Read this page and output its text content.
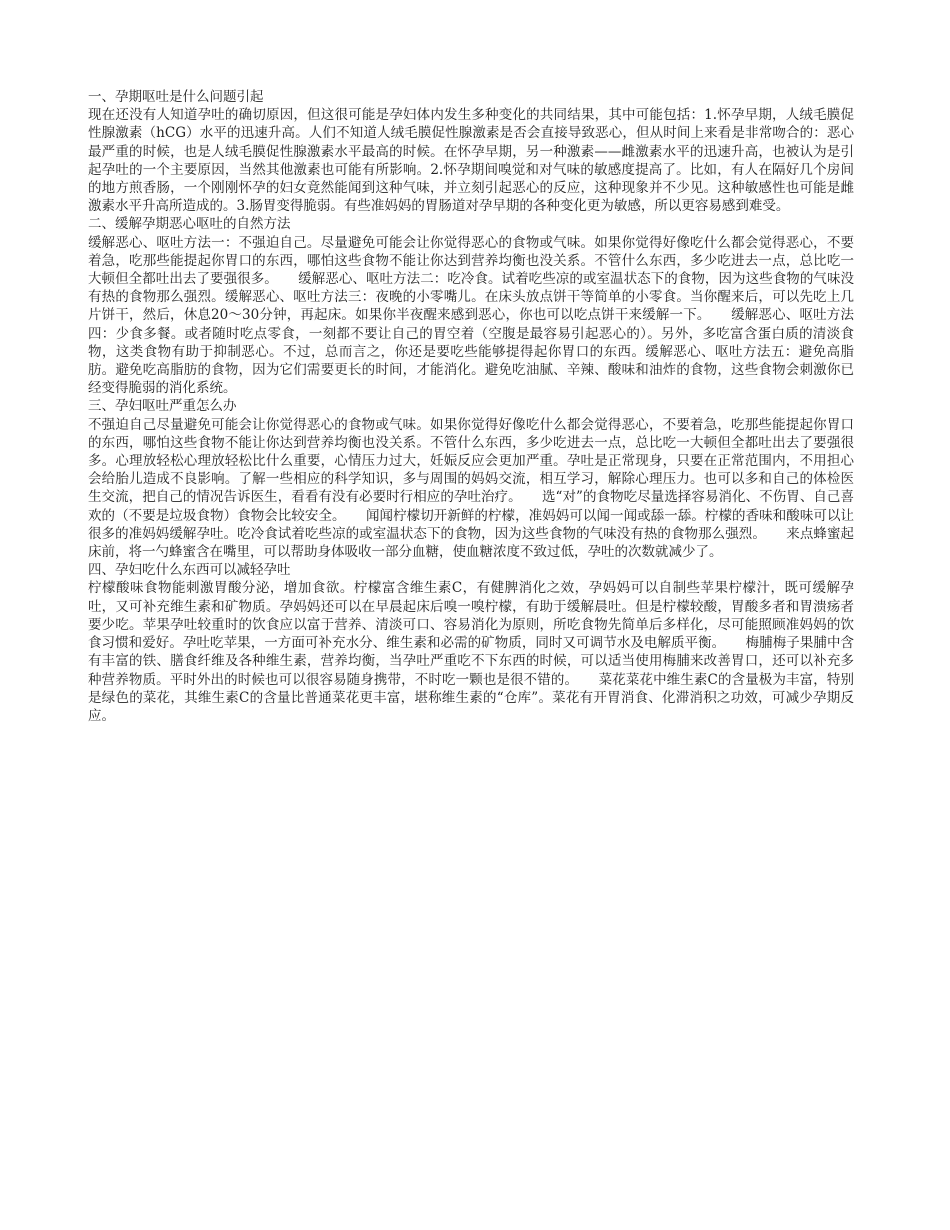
一、孕期呕吐是什么问题引起

现在还没有人知道孕吐的确切原因，但这很可能是孕妇体内发生多种变化的共同结果，其中可能包括：1.怀孕早期，人绒毛膜促性腺激素（hCG）水平的迅速升高。人们不知道人绒毛膜促性腺激素是否会直接导致恶心，但从时间上来看是非常吻合的：恶心最严重的时候，也是人绒毛膜促性腺激素水平最高的时候。在怀孕早期，另一种激素——雌激素水平的迅速升高，也被认为是引起孕吐的一个主要原因，当然其他激素也可能有所影响。2.怀孕期间嗅觉和对气味的敏感度提高了。比如，有人在隔好几个房间的地方煎香肠，一个刚刚怀孕的妇女竟然能闻到这种气味，并立刻引起恶心的反应，这种现象并不少见。这种敏感性也可能是雌激素水平升高所造成的。3.肠胃变得脆弱。有些准妈妈的胃肠道对孕早期的各种变化更为敏感，所以更容易感到难受。

二、缓解孕期恶心呕吐的自然方法

缓解恶心、呕吐方法一：不强迫自己。尽量避免可能会让你觉得恶心的食物或气味。如果你觉得好像吃什么都会觉得恶心，不要着急，吃那些能提起你胃口的东西，哪怕这些食物不能让你达到营养均衡也没关系。不管什么东西，多少吃进去一点，总比吃一大顿但全都吐出去了要强很多。　　缓解恶心、呕吐方法二：吃冷食。试着吃些凉的或室温状态下的食物，因为这些食物的气味没有热的食物那么强烈。缓解恶心、呕吐方法三：夜晚的小零嘴儿。在床头放点饼干等简单的小零食。当你醒来后，可以先吃上几片饼干，然后，休息20～30分钟，再起床。如果你半夜醒来感到恶心，你也可以吃点饼干来缓解一下。　　缓解恶心、呕吐方法四：少食多餐。或者随时吃点零食，一刻都不要让自己的胃空着（空腹是最容易引起恶心的）。另外，多吃富含蛋白质的清淡食物，这类食物有助于抑制恶心。不过，总而言之，你还是要吃些能够提得起你胃口的东西。缓解恶心、呕吐方法五：避免高脂肪。避免吃高脂肪的食物，因为它们需要更长的时间，才能消化。避免吃油腻、辛辣、酸味和油炸的食物，这些食物会刺激你已经变得脆弱的消化系统。

三、孕妇呕吐严重怎么办

不强迫自己尽量避免可能会让你觉得恶心的食物或气味。如果你觉得好像吃什么都会觉得恶心，不要着急，吃那些能提起你胃口的东西，哪怕这些食物不能让你达到营养均衡也没关系。不管什么东西，多少吃进去一点，总比吃一大顿但全都吐出去了要强很多。心理放轻松心理放轻松比什么重要，心情压力过大，妊娠反应会更加严重。孕吐是正常现身，只要在正常范围内，不用担心会给胎儿造成不良影响。了解一些相应的科学知识，多与周围的妈妈交流，相互学习，解除心理压力。也可以多和自己的体检医生交流，把自己的情况告诉医生，看看有没有必要时行相应的孕吐治疗。　　选“对”的食物吃尽量选择容易消化、不伤胃、自己喜欢的（不要是垃圾食物）食物会比较安全。　　闻闻柠檬切开新鲜的柠檬，准妈妈可以闻一闻或舔一舔。柠檬的香味和酸味可以让很多的准妈妈缓解孕吐。吃冷食试着吃些凉的或室温状态下的食物，因为这些食物的气味没有热的食物那么强烈。　　来点蜂蜜起床前，将一勺蜂蜜含在嘴里，可以帮助身体吸收一部分血糖，使血糖浓度不致过低，孕吐的次数就减少了。

四、孕妇吃什么东西可以减轻孕吐

柠檬酸味食物能刺激胃酸分泌，增加食欲。柠檬富含维生素C，有健脾消化之效，孕妈妈可以自制些苹果柠檬汁，既可缓解孕吐，又可补充维生素和矿物质。孕妈妈还可以在早晨起床后嗅一嗅柠檬，有助于缓解晨吐。但是柠檬较酸，胃酸多者和胃溃疡者要少吃。苹果孕吐较重时的饮食应以富于营养、清淡可口、容易消化为原则，所吃食物先简单后多样化，尽可能照顾准妈妈的饮食习惯和爱好。孕吐吃苹果，一方面可补充水分、维生素和必需的矿物质，同时又可调节水及电解质平衡。　　梅脯梅子果脯中含有丰富的铁、膳食纤维及各种维生素，营养均衡，当孕吐严重吃不下东西的时候，可以适当使用梅脯来改善胃口，还可以补充多种营养物质。平时外出的时候也可以很容易随身携带，不时吃一颗也是很不错的。　　菜花菜花中维生素C的含量极为丰富，特别是绿色的菜花，其维生素C的含量比普通菜花更丰富，堪称维生素的“仓库”。菜花有开胃消食、化滞消积之功效，可减少孕期反应。
